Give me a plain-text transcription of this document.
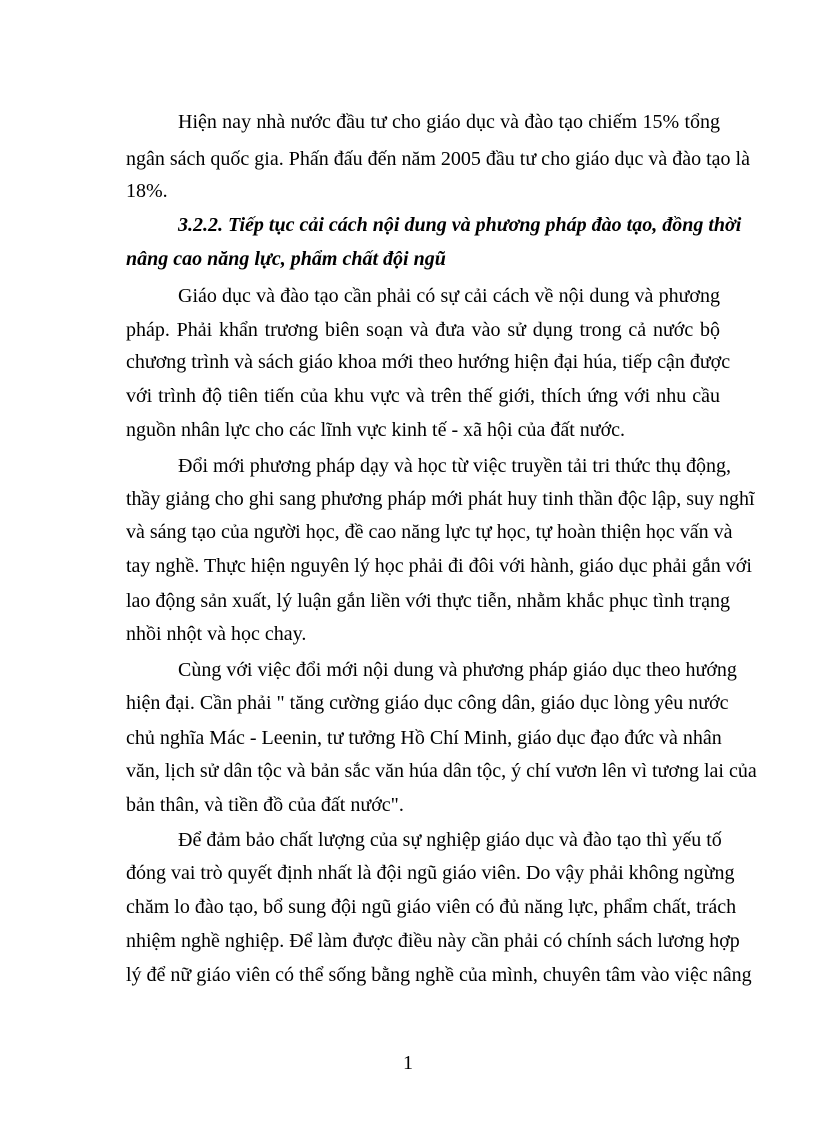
Hiện nay nhà nước đầu tư cho giáo dục và đào tạo chiếm 15% tổng
ngân sách quốc gia. Phấn đấu đến năm 2005 đầu tư cho giáo dục và đào tạo là
18%.
3.2.2. Tiếp tục cải cách nội dung và phương pháp đào tạo, đồng thời
nâng cao năng lực, phẩm chất đội ngũ
Giáo dục và đào tạo cần phải có sự cải cách về nội dung và phương
pháp. Phải khẩn trương biên soạn và đưa vào sử dụng trong cả nước bộ
chương trình và sách giáo khoa mới theo hướng hiện đại húa, tiếp cận được
với trình độ tiên tiến của khu vực và trên thế giới, thích ứng với nhu cầu
nguồn nhân lực cho các lĩnh vực kinh tế - xã hội của đất nước.
Đổi mới phương pháp dạy và học từ việc truyền tải tri thức thụ động,
thầy giảng cho ghi sang phương pháp mới phát huy tinh thần độc lập, suy nghĩ
và sáng tạo của người học, đề cao năng lực tự học, tự hoàn thiện học vấn và
tay nghề. Thực hiện nguyên lý học phải đi đôi với hành, giáo dục phải gắn với
lao động sản xuất, lý luận gắn liền với thực tiễn, nhằm khắc phục tình trạng
nhồi nhột và học chay.
Cùng với việc đổi mới nội dung và phương pháp giáo dục theo hướng
hiện đại. Cần phải " tăng cường giáo dục công dân, giáo dục lòng yêu nước
chủ nghĩa Mác - Leenin, tư tưởng Hồ Chí Minh, giáo dục đạo đức và nhân
văn, lịch sử dân tộc và bản sắc văn húa dân tộc, ý chí vươn lên vì tương lai của
bản thân, và tiền đồ của đất nước".
Để đảm bảo chất lượng của sự nghiệp giáo dục và đào tạo thì yếu tố
đóng vai trò quyết định nhất là đội ngũ giáo viên. Do vậy phải không ngừng
chăm lo đào tạo, bổ sung đội ngũ giáo viên có đủ năng lực, phẩm chất, trách
nhiệm nghề nghiệp. Để làm được điều này cần phải có chính sách lương hợp
lý để nữ giáo viên có thể sống bằng nghề của mình, chuyên tâm vào việc nâng
1
